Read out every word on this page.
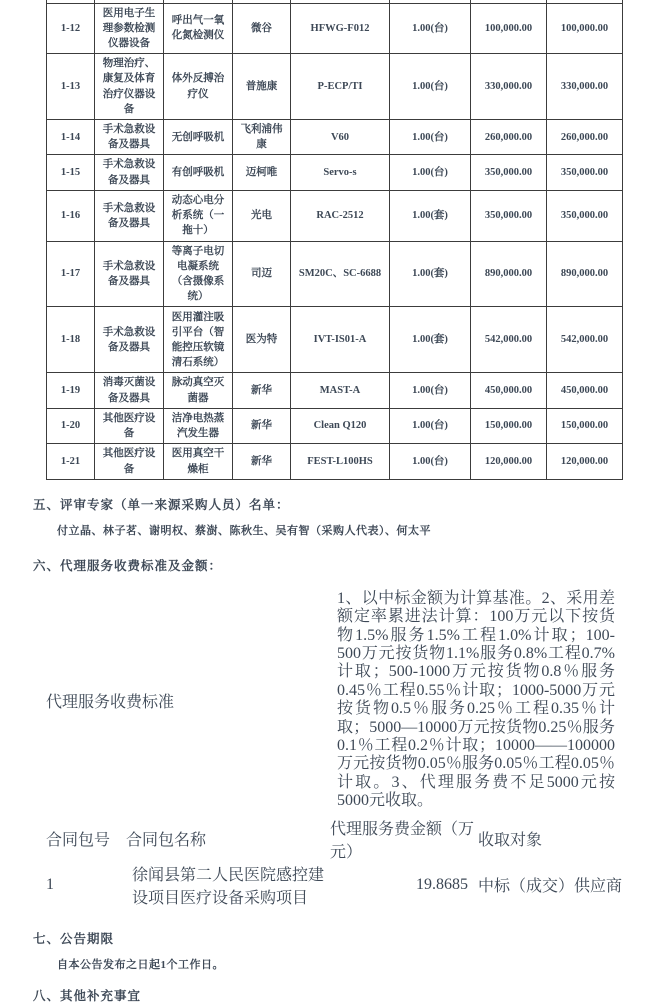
1-12	医用电子生理参数检测仪器设备	呼出气一氧化氮检测仪	微谷	HFWG-F012	1.00(台)	100,000.00	100,000.00
1-13	物理治疗、康复及体育治疗仪器设备	体外反搏治疗仪	普施康	P-ECP/TI	1.00(台)	330,000.00	330,000.00
1-14	手术急救设备及器具	无创呼吸机	飞利浦伟康	V60	1.00(台)	260,000.00	260,000.00
1-15	手术急救设备及器具	有创呼吸机	迈柯唯	Servo-s	1.00(台)	350,000.00	350,000.00
1-16	手术急救设备及器具	动态心电分析系统（一拖十）	光电	RAC-2512	1.00(套)	350,000.00	350,000.00
1-17	手术急救设备及器具	等离子电切电凝系统（含摄像系统）	司迈	SM20C、SC-6688	1.00(套)	890,000.00	890,000.00
1-18	手术急救设备及器具	医用灌注吸引平台（智能控压软镜清石系统）	医为特	IVT-IS01-A	1.00(套)	542,000.00	542,000.00
1-19	消毒灭菌设备及器具	脉动真空灭菌器	新华	MAST-A	1.00(台)	450,000.00	450,000.00
1-20	其他医疗设备	洁净电热蒸汽发生器	新华	Clean Q120	1.00(台)	150,000.00	150,000.00
1-21	其他医疗设备	医用真空干燥柜	新华	FEST-L100HS	1.00(台)	120,000.00	120,000.00
五、评审专家（单一来源采购人员）名单：
付立晶、林子茗、谢明权、蔡澍、陈秋生、吴有智（采购人代表）、何太平
六、代理服务收费标准及金额：
代理服务收费标准		1、以中标金额为计算基准。2、采用差额定率累进法计算：100万元以下按货物1.5%服务1.5%工程1.0%计取；100-500万元按货物1.1%服务0.8%工程0.7%计取；500-1000万元按货物0.8％服务0.45％工程0.55％计取；1000-5000万元按货物0.5％服务0.25％工程0.35％计取；5000—10000万元按货物0.25％服务0.1％工程0.2％计取；10000——100000万元按货物0.05％服务0.05％工程0.05％计取。3、代理服务费不足5000元按5000元收取。	
合同包号	合同包名称	代理服务费金额（万元）	收取对象
1	徐闻县第二人民医院感控建设项目医疗设备采购项目	19.8685	中标（成交）供应商
七、公告期限
自本公告发布之日起1个工作日。
八、其他补充事宜
